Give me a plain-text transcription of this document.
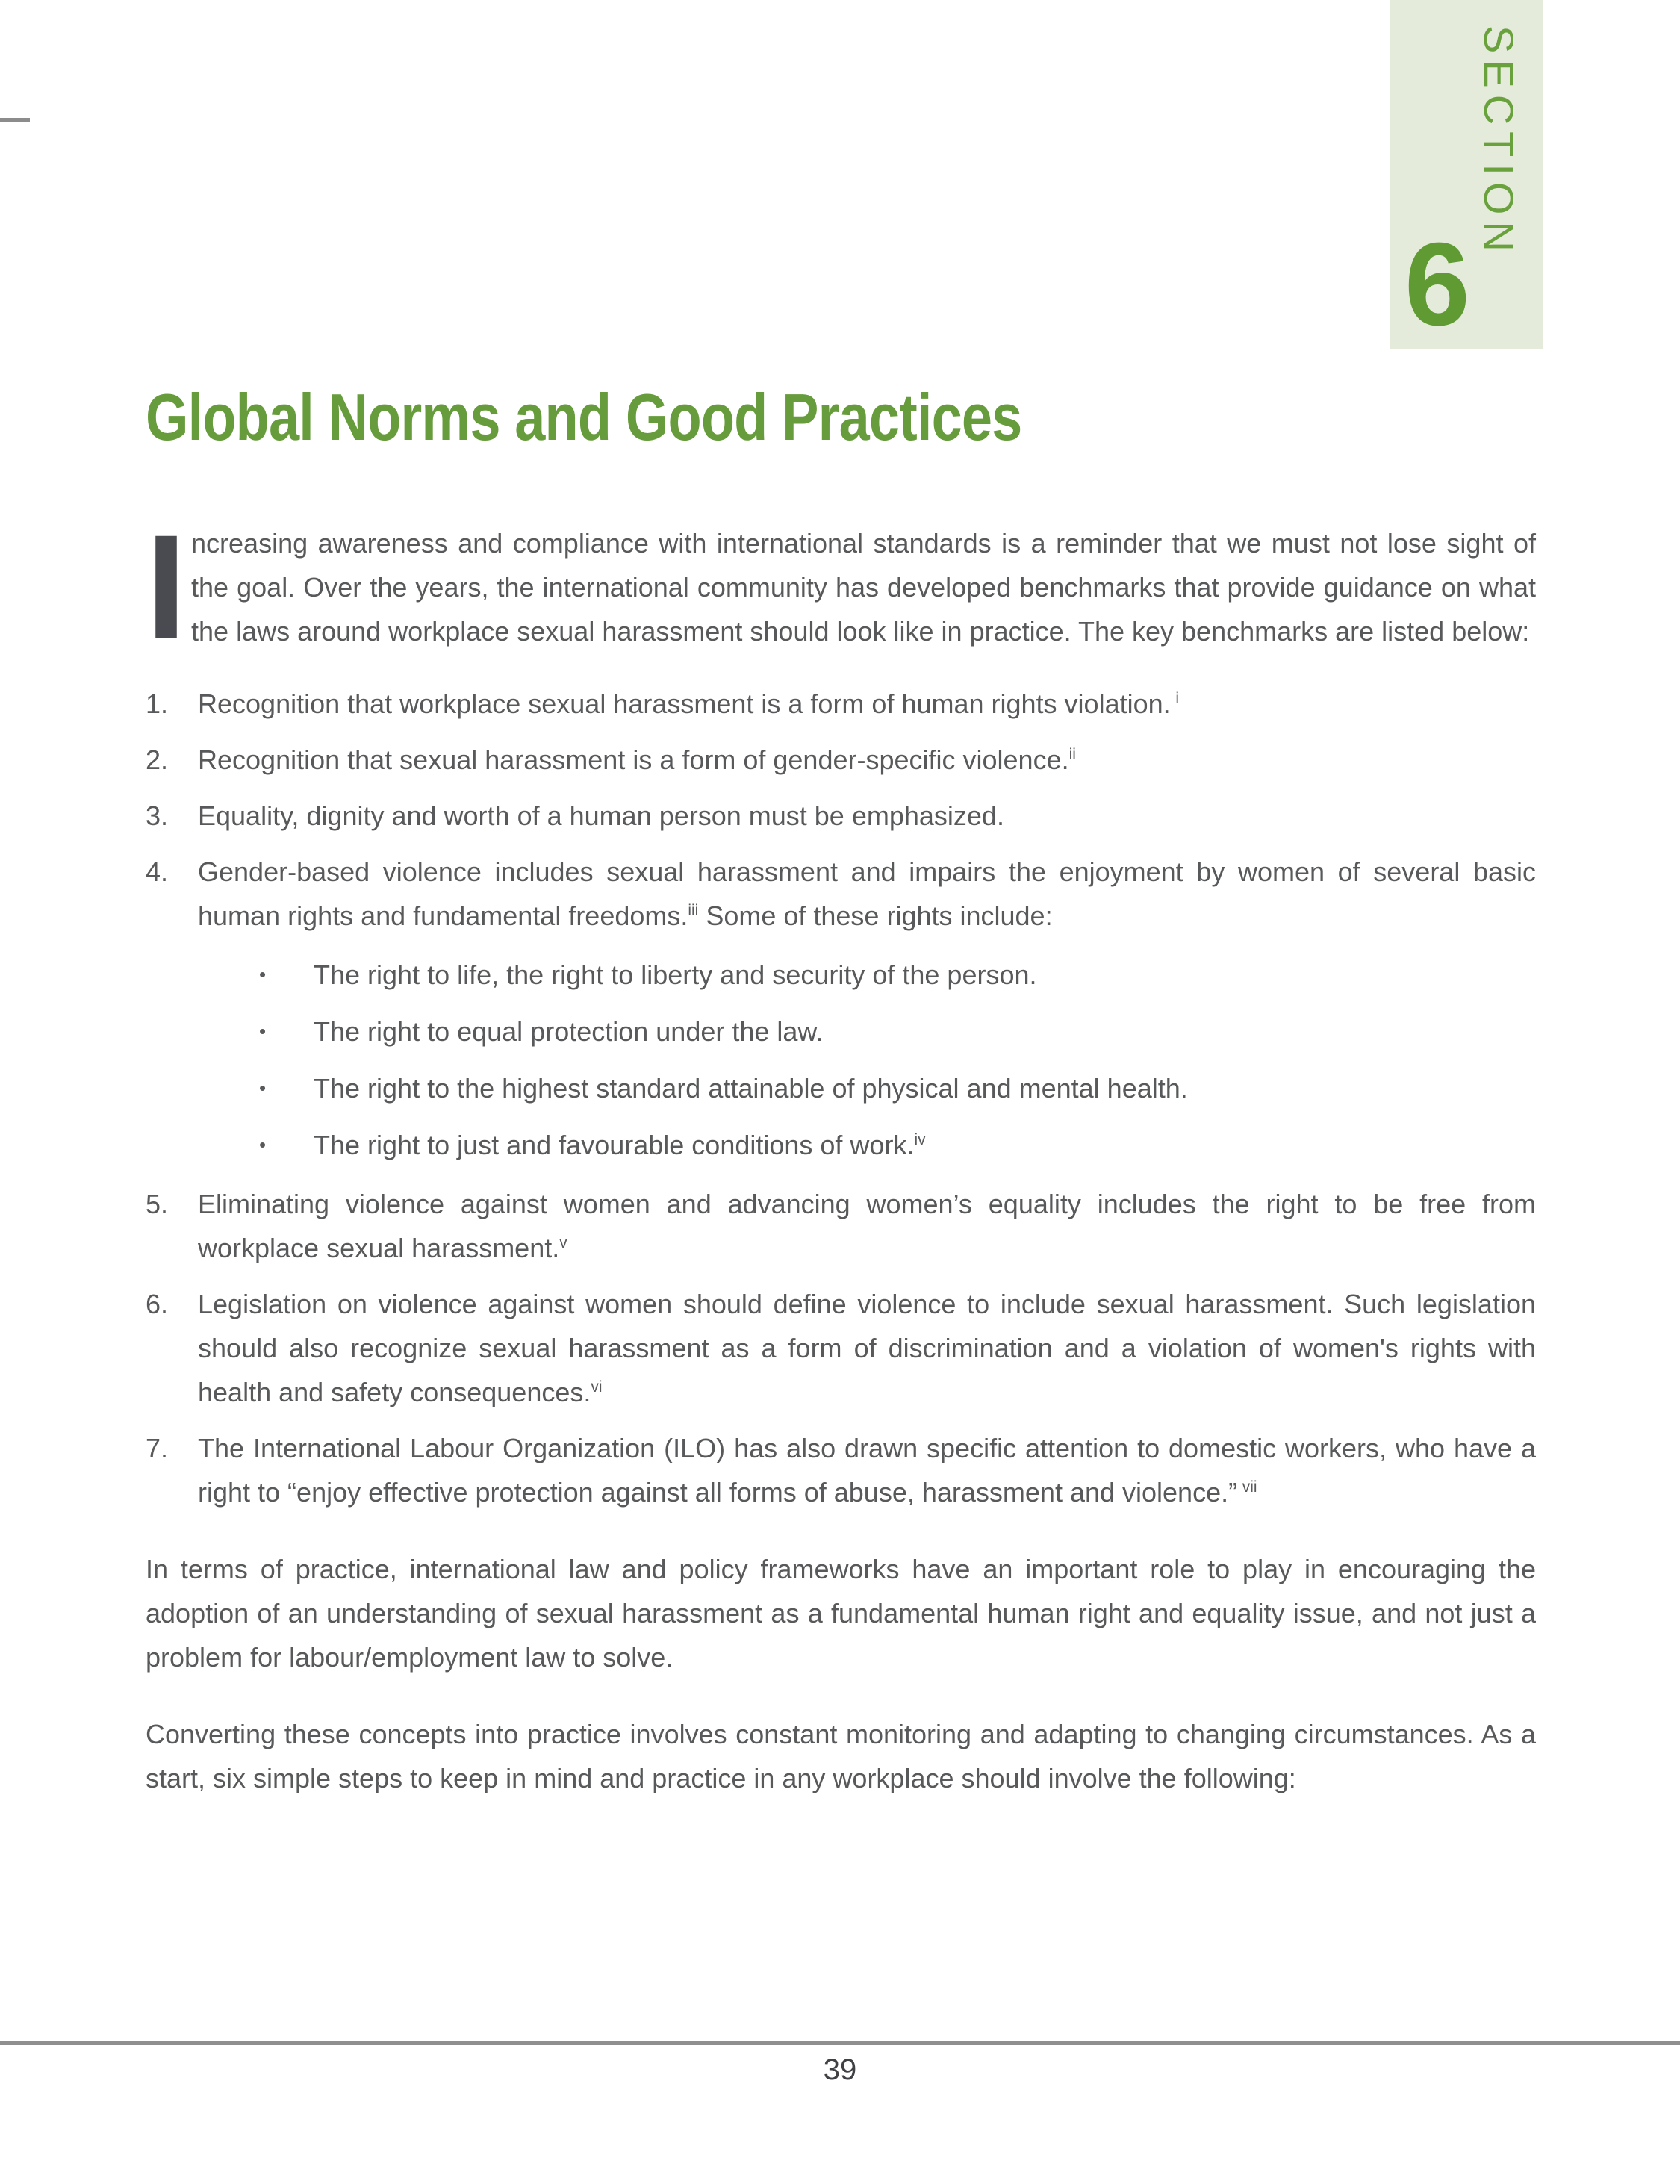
SECTION
6
Global Norms and Good Practices

Increasing awareness and compliance with international standards is a reminder that we must not lose sight of the goal. Over the years, the international community has developed benchmarks that provide guidance on what the laws around workplace sexual harassment should look like in practice. The key benchmarks are listed below:

1.	Recognition that workplace sexual harassment is a form of human rights violation. $^i$
2.	Recognition that sexual harassment is a form of gender-specific violence.$^{ii}$
3.	Equality, dignity and worth of a human person must be emphasized.
4.	Gender-based violence includes sexual harassment and impairs the enjoyment by women of several basic human rights and fundamental freedoms.$^{iii}$ Some of these rights include:
•	The right to life, the right to liberty and security of the person.
•	The right to equal protection under the law.
•	The right to the highest standard attainable of physical and mental health.
•	The right to just and favourable conditions of work.$^{iv}$
5.	Eliminating violence against women and advancing women’s equality includes the right to be free from workplace sexual harassment.$^v$
6.	Legislation on violence against women should define violence to include sexual harassment. Such legislation should also recognize sexual harassment as a form of discrimination and a violation of women's rights with health and safety consequences.$^{vi}$
7.	The International Labour Organization (ILO) has also drawn specific attention to domestic workers, who have a right to “enjoy effective protection against all forms of abuse, harassment and violence.” $^{vii}$

In terms of practice, international law and policy frameworks have an important role to play in encouraging the adoption of an understanding of sexual harassment as a fundamental human right and equality issue, and not just a problem for labour/employment law to solve.

Converting these concepts into practice involves constant monitoring and adapting to changing circumstances. As a start, six simple steps to keep in mind and practice in any workplace should involve the following:

39
